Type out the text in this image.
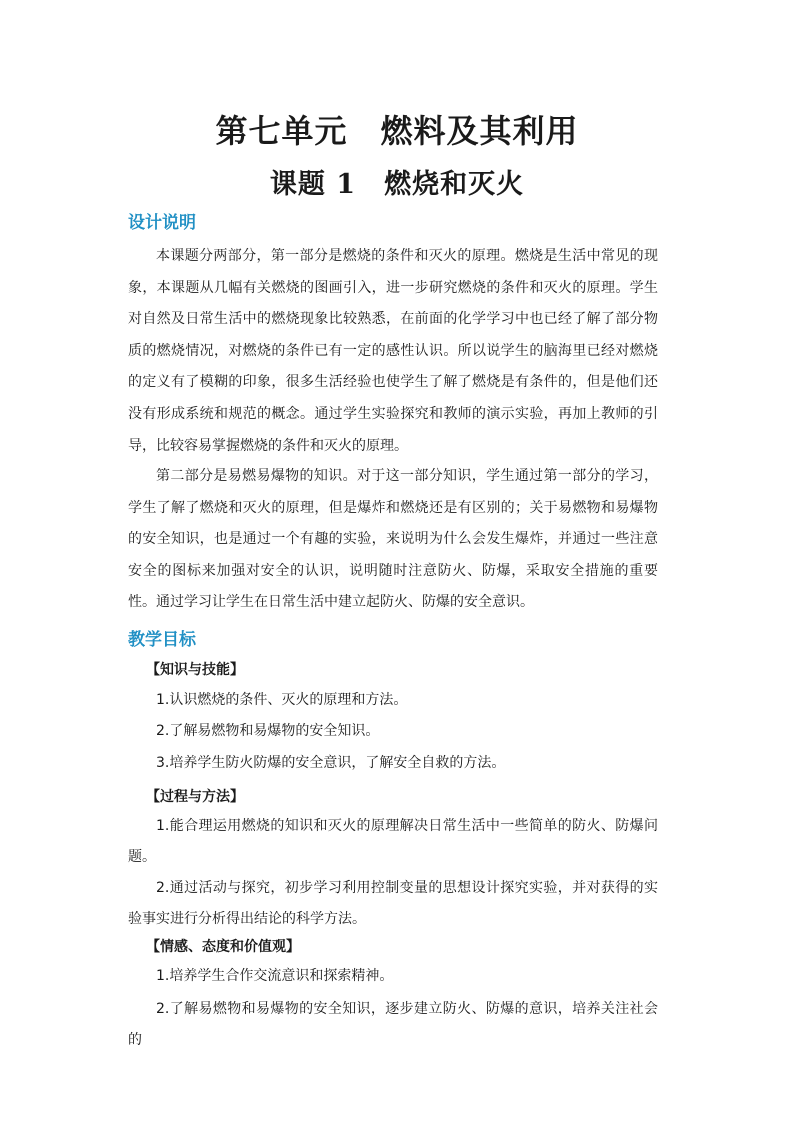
第七单元　燃料及其利用
课题 1　燃烧和灭火
设计说明
本课题分两部分，第一部分是燃烧的条件和灭火的原理。燃烧是生活中常见的现象，本课题从几幅有关燃烧的图画引入，进一步研究燃烧的条件和灭火的原理。学生对自然及日常生活中的燃烧现象比较熟悉，在前面的化学学习中也已经了解了部分物质的燃烧情况，对燃烧的条件已有一定的感性认识。所以说学生的脑海里已经对燃烧的定义有了模糊的印象，很多生活经验也使学生了解了燃烧是有条件的，但是他们还没有形成系统和规范的概念。通过学生实验探究和教师的演示实验，再加上教师的引导，比较容易掌握燃烧的条件和灭火的原理。
第二部分是易燃易爆物的知识。对于这一部分知识，学生通过第一部分的学习，学生了解了燃烧和灭火的原理，但是爆炸和燃烧还是有区别的；关于易燃物和易爆物的安全知识，也是通过一个有趣的实验，来说明为什么会发生爆炸，并通过一些注意安全的图标来加强对安全的认识，说明随时注意防火、防爆，采取安全措施的重要性。通过学习让学生在日常生活中建立起防火、防爆的安全意识。
教学目标
【知识与技能】
1.认识燃烧的条件、灭火的原理和方法。
2.了解易燃物和易爆物的安全知识。
3.培养学生防火防爆的安全意识，了解安全自救的方法。
【过程与方法】
1.能合理运用燃烧的知识和灭火的原理解决日常生活中一些简单的防火、防爆问题。
2.通过活动与探究，初步学习利用控制变量的思想设计探究实验，并对获得的实验事实进行分析得出结论的科学方法。
【情感、态度和价值观】
1.培养学生合作交流意识和探索精神。
2.了解易燃物和易爆物的安全知识，逐步建立防火、防爆的意识，培养关注社会的
